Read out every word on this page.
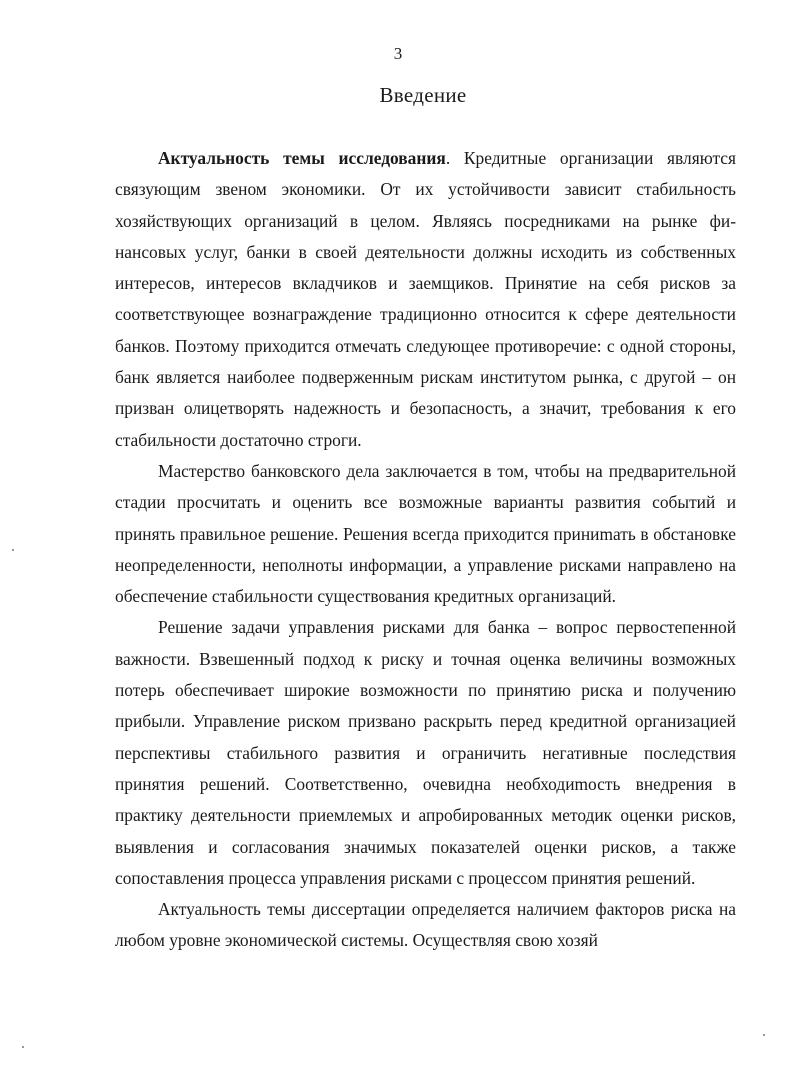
3

Введение

Актуальность темы исследования. Кредитные организации являются связующим звеном экономики. От их устойчивости зависит стабильность хозяйствующих организаций в целом. Являясь посредниками на рынке финансовых услуг, банки в своей деятельности должны исходить из собственных интересов, интересов вкладчиков и заемщиков. Принятие на себя рисков за соответствующее вознаграждение традиционно относится к сфере деятельности банков. Поэтому приходится отмечать следующее противоречие: с одной стороны, банк является наиболее подверженным рискам институтом рынка, с другой – он призван олицетворять надежность и безопасность, а значит, требования к его стабильности достаточно строги.

Мастерство банковского дела заключается в том, чтобы на предварительной стадии просчитать и оценить все возможные варианты развития событий и принять правильное решение. Решения всегда приходится приниmать в обстановке неопределенности, неполноты информации, а управление рисками направлено на обеспечение стабильности существования кредитных организаций.

Решение задачи управления рисками для банка – вопрос первостепенной важности. Взвешенный подход к риску и точная оценка величины возможных потерь обеспечивает широкие возможности по принятию риска и получению прибыли. Управление риском призвано раскрыть перед кредитной организацией перспективы стабильного развития и ограничить негативные последствия принятия решений. Соответственно, очевидна необходиmость внедрения в практику деятельности приемлемых и апробированных методик оценки рисков, выявления и согласования значимых показателей оценки рисков, а также сопоставления процесса управления рисками с процессом принятия решений.

Актуальность темы диссертации определяется наличием факторов риска на любом уровне экономической системы. Осуществляя свою хозяй
